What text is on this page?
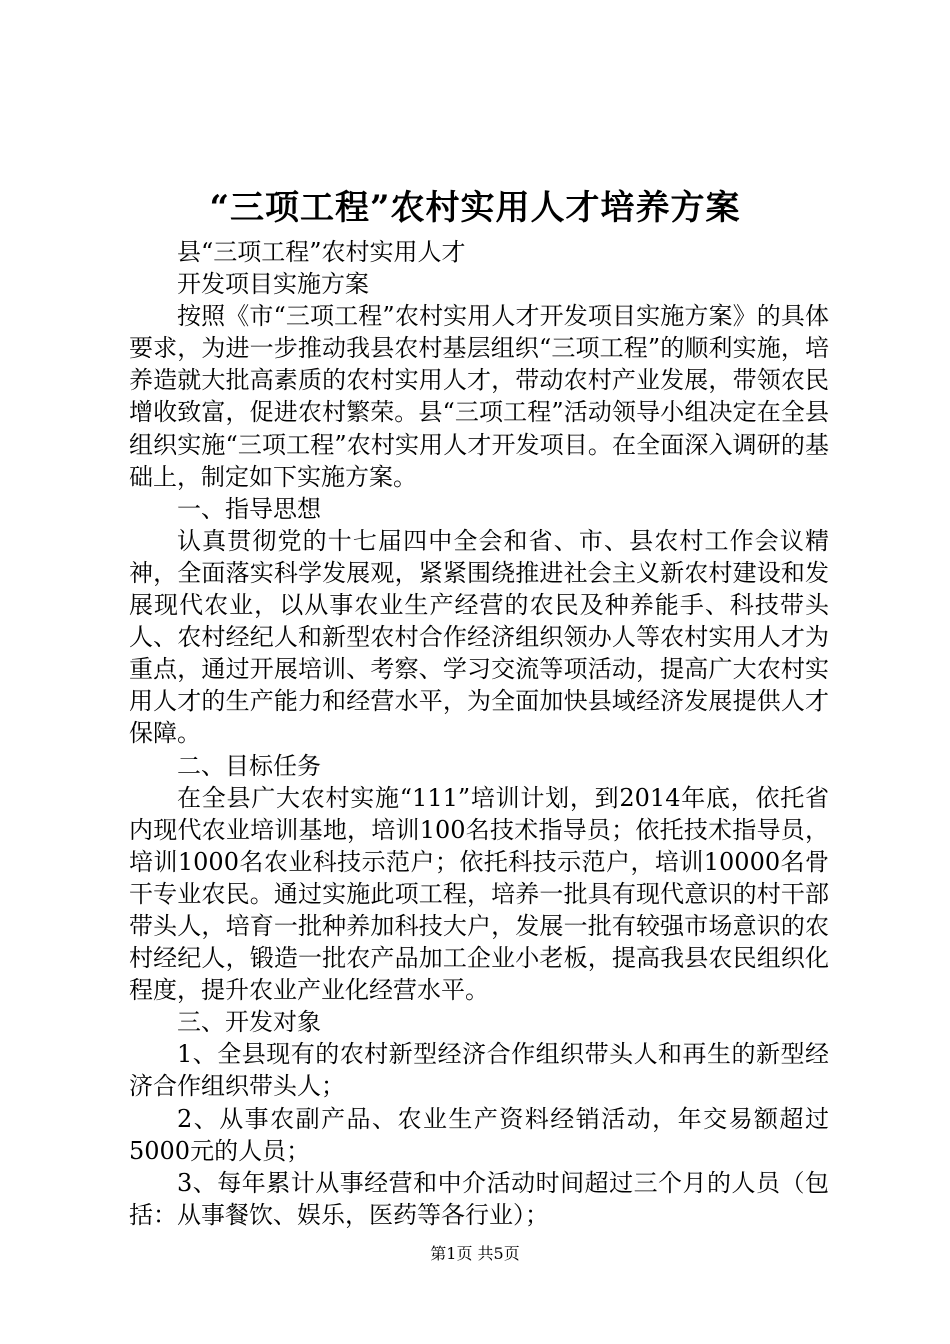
“三项工程”农村实用人才培养方案

县“三项工程”农村实用人才

开发项目实施方案

按照《市“三项工程”农村实用人才开发项目实施方案》的具体要求，为进一步推动我县农村基层组织“三项工程”的顺利实施，培养造就大批高素质的农村实用人才，带动农村产业发展，带领农民增收致富，促进农村繁荣。县“三项工程”活动领导小组决定在全县组织实施“三项工程”农村实用人才开发项目。在全面深入调研的基础上，制定如下实施方案。

一、指导思想

认真贯彻党的十七届四中全会和省、市、县农村工作会议精神，全面落实科学发展观，紧紧围绕推进社会主义新农村建设和发展现代农业，以从事农业生产经营的农民及种养能手、科技带头人、农村经纪人和新型农村合作经济组织领办人等农村实用人才为重点，通过开展培训、考察、学习交流等项活动，提高广大农村实用人才的生产能力和经营水平，为全面加快县域经济发展提供人才保障。

二、目标任务

在全县广大农村实施“111”培训计划，到2014年底，依托省内现代农业培训基地，培训100名技术指导员；依托技术指导员，培训1000名农业科技示范户；依托科技示范户，培训10000名骨干专业农民。通过实施此项工程，培养一批具有现代意识的村干部带头人，培育一批种养加科技大户，发展一批有较强市场意识的农村经纪人，锻造一批农产品加工企业小老板，提高我县农民组织化程度，提升农业产业化经营水平。

三、开发对象

1、全县现有的农村新型经济合作组织带头人和再生的新型经济合作组织带头人；

2、从事农副产品、农业生产资料经销活动，年交易额超过5000元的人员；

3、每年累计从事经营和中介活动时间超过三个月的人员（包括：从事餐饮、娱乐，医药等各行业）；

第1页 共5页
